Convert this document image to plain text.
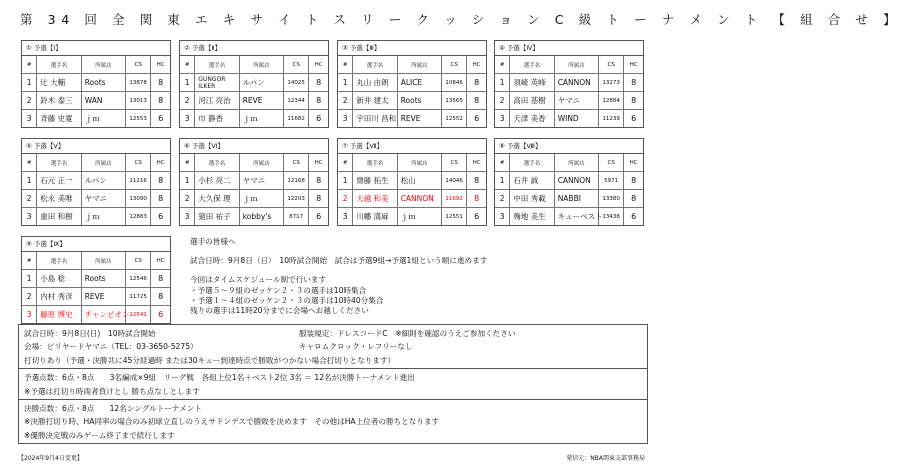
第 34 回 全 関 東 エ キ サ イ ト ス リ ー ク ッ シ ョ ン C 級 ト ー ナ メ ン ト 【 組 合 せ 】
① 予選【Ⅰ】
#	選手名	所属店	CS	HC
1	辻 大輔	Roots	13878	8
2	鈴木 泰三	WAN	13013	8
3	斉藤 史寛	ｊｍ	12553	6
② 予選【Ⅱ】
#	選手名	所属店	CS	HC
1	GUNGOR ILKER	ルパン	14025	8
2	河江 亮治	REVE	12344	8
3	巾 静香	ｊｍ	11682	6
③ 予選【Ⅲ】
#	選手名	所属店	CS	HC
1	丸山 由朗	ALICE	10846	8
2	新井 建太	Roots	13565	8
3	宇田川 昌和	REVE	12552	6
④ 予選【Ⅳ】
#	選手名	所属店	CS	HC
1	須崎 英峰	CANNON	13273	8
2	高田 基樹	ヤマニ	12884	8
3	天津 美香	WIND	11239	6
⑤ 予選【Ⅴ】
#	選手名	所属店	CS	HC
1	石元 正一	ルパン	11216	8
2	松永 美唯	ヤマニ	13090	8
3	重田 和樹	ｊｍ	12883	6
⑥ 予選【Ⅵ】
#	選手名	所属店	CS	HC
1	小杉 亮二	ヤマニ	12168	8
2	大久保 理	ｊｍ	12203	8
3	猿田 祐子	kobby's	8717	6
⑦ 予選【Ⅶ】
#	選手名	所属店	CS	HC
1	齋藤 拓生	松山	14046	8
2	大越 和美	CANNON	11692	8
3	川幡 満麻	ｊｍ	12551	6
⑧ 予選【Ⅷ】
#	選手名	所属店	CS	HC
1	石井 誠	CANNON	5971	8
2	中田 秀載	NABBI	13380	8
3	麹地 美生	キューベスト	13438	6
⑨ 予選【Ⅸ】
#	選手名	所属店	CS	HC
1	小島 稔	Roots	12546	8
2	内村 秀彦	REVE	11725	8
3	藤原 博史	チャンピオン	12541	6
選手の皆様へ
試合日時：9月8日（日）　10時試合開始　試合は予選9組→予選1組という順に進めます
今回はタイムスケジュール制で行います
・予選５～９組のゼッケン２・３の選手は10時集合
・予選１～４組のゼッケン２・３の選手は10時40分集合
残りの選手は11時20分までに会場へお越しください
試合日時：9月8日(日)　10時試合開始	服装規定：ドレスコードC　※細則を確認のうえご参加ください
会場：ビリヤードヤマニ（TEL：03-3650-5275）	キャロムクロック・レフリーなし
打切りあり（予選・決勝共に45分経過時 または30キュー到達時点で勝敗がつかない場合打切りとなります）
予選点数：6点・8点　　3名編成×9組　リーグ戦　各組上位1名＋ベスト2位 3名 ＝ 12名が決勝トーナメント進出
※予選は打切り時両者負けとし 勝ち点なしとします
決勝点数：6点・8点　　12名シングルトーナメント
※決勝打切り時、HA同率の場合のみ初球立直しのうえサドンデスで勝敗を決めます　その他はHA上位者の勝ちとなります
※優勝決定戦のみゲーム終了まで続行します
【2024年9月4日変更】	発信元：NBA関東支部事務局
